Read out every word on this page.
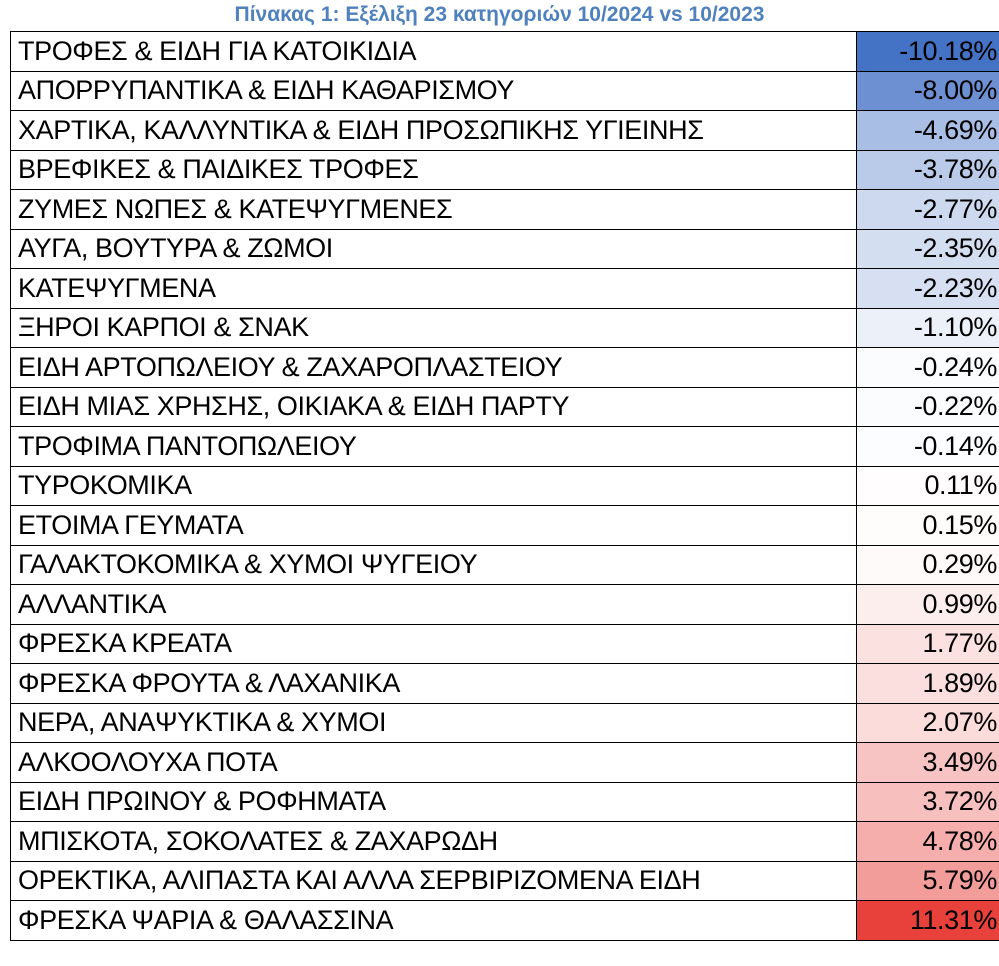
Πίνακας 1: Εξέλιξη 23 κατηγοριών 10/2024 vs 10/2023
ΤΡΟΦΕΣ & ΕΙΔΗ ΓΙΑ ΚΑΤΟΙΚΙΔΙΑ	-10.18%
ΑΠΟΡΡΥΠΑΝΤΙΚΑ & ΕΙΔΗ ΚΑΘΑΡΙΣΜΟΥ	-8.00%
ΧΑΡΤΙΚΑ, ΚΑΛΛΥΝΤΙΚΑ & ΕΙΔΗ ΠΡΟΣΩΠΙΚΗΣ ΥΓΙΕΙΝΗΣ	-4.69%
ΒΡΕΦΙΚΕΣ & ΠΑΙΔΙΚΕΣ ΤΡΟΦΕΣ	-3.78%
ΖΥΜΕΣ ΝΩΠΕΣ & ΚΑΤΕΨΥΓΜΕΝΕΣ	-2.77%
ΑΥΓΑ, ΒΟΥΤΥΡΑ & ΖΩΜΟΙ	-2.35%
ΚΑΤΕΨΥΓΜΕΝΑ	-2.23%
ΞΗΡΟΙ ΚΑΡΠΟΙ & ΣΝΑΚ	-1.10%
ΕΙΔΗ ΑΡΤΟΠΩΛΕΙΟΥ & ΖΑΧΑΡΟΠΛΑΣΤΕΙΟΥ	-0.24%
ΕΙΔΗ ΜΙΑΣ ΧΡΗΣΗΣ, ΟΙΚΙΑΚΑ & ΕΙΔΗ ΠΑΡΤΥ	-0.22%
ΤΡΟΦΙΜΑ ΠΑΝΤΟΠΩΛΕΙΟΥ	-0.14%
ΤΥΡΟΚΟΜΙΚΑ	0.11%
ΕΤΟΙΜΑ ΓΕΥΜΑΤΑ	0.15%
ΓΑΛΑΚΤΟΚΟΜΙΚΑ & ΧΥΜΟΙ ΨΥΓΕΙΟΥ	0.29%
ΑΛΛΑΝΤΙΚΑ	0.99%
ΦΡΕΣΚΑ ΚΡΕΑΤΑ	1.77%
ΦΡΕΣΚΑ ΦΡΟΥΤΑ & ΛΑΧΑΝΙΚΑ	1.89%
ΝΕΡΑ, ΑΝΑΨΥΚΤΙΚΑ & ΧΥΜΟΙ	2.07%
ΑΛΚΟΟΛΟΥΧΑ ΠΟΤΑ	3.49%
ΕΙΔΗ ΠΡΩΙΝΟΥ & ΡΟΦΗΜΑΤΑ	3.72%
ΜΠΙΣΚΟΤΑ, ΣΟΚΟΛΑΤΕΣ & ΖΑΧΑΡΩΔΗ	4.78%
ΟΡΕΚΤΙΚΑ, ΑΛΙΠΑΣΤΑ ΚΑΙ ΑΛΛΑ ΣΕΡΒΙΡΙΖΟΜΕΝΑ ΕΙΔΗ	5.79%
ΦΡΕΣΚΑ ΨΑΡΙΑ & ΘΑΛΑΣΣΙΝΑ	11.31%
